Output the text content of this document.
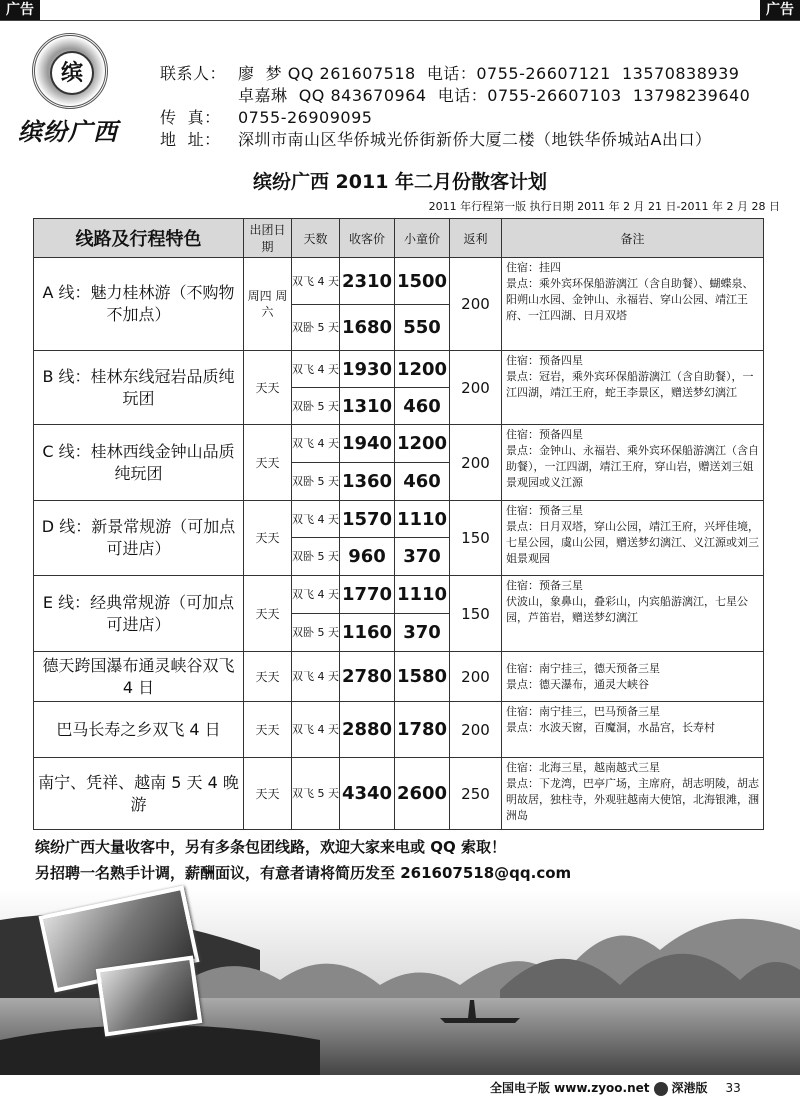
广告	广告
缤
缤纷广西
联系人： 廖  梦 QQ 261607518 电话：0755-26607121 13570838939
卓嘉琳 QQ 843670964 电话：0755-26607103 13798239640
传  真： 0755-26909095
地  址： 深圳市南山区华侨城光侨街新侨大厦二楼（地铁华侨城站A出口）
缤纷广西 2011 年二月份散客计划
2011 年行程第一版 执行日期 2011 年 2 月 21 日-2011 年 2 月 28 日
线路及行程特色	出团日期	天数	收客价	小童价	返利	备注
A 线：魅力桂林游（不购物不加点）	周四 周六	双飞 4 天	2310	1500	200	住宿：挂四
景点：乘外宾环保船游漓江（含自助餐）、蝴蝶泉、阳朔山水园、金钟山、永福岩、穿山公园、靖江王府、一江四湖、日月双塔
		双卧 5 天	1680	550		
B 线：桂林东线冠岩品质纯玩团	天天	双飞 4 天	1930	1200	200	住宿：预备四星
景点：冠岩，乘外宾环保船游漓江（含自助餐），一江四湖，靖江王府，蛇王李景区，赠送梦幻漓江
		双卧 5 天	1310	460		
C 线：桂林西线金钟山品质纯玩团	天天	双飞 4 天	1940	1200	200	住宿：预备四星
景点：金钟山、永福岩、乘外宾环保船游漓江（含自助餐），一江四湖，靖江王府，穿山岩，赠送刘三姐景观园或义江源
		双卧 5 天	1360	460		
D 线：新景常规游（可加点可进店）	天天	双飞 4 天	1570	1110	150	住宿：预备三星
景点：日月双塔，穿山公园，靖江王府，兴坪佳境，七星公园，虞山公园，赠送梦幻漓江、义江源或刘三姐景观园
		双卧 5 天	960	370		
E 线：经典常规游（可加点可进店）	天天	双飞 4 天	1770	1110	150	住宿：预备三星
伏波山，象鼻山，叠彩山，内宾船游漓江，七星公园，芦笛岩，赠送梦幻漓江
		双卧 5 天	1160	370		
德天跨国瀑布通灵峡谷双飞 4 日	天天	双飞 4 天	2780	1580	200	住宿：南宁挂三，德天预备三星
景点：德天瀑布，通灵大峡谷
巴马长寿之乡双飞 4 日	天天	双飞 4 天	2880	1780	200	住宿：南宁挂三，巴马预备三星
景点：水波天窗，百魔洞，水晶宫，长寿村
南宁、凭祥、越南 5 天 4 晚游	天天	双飞 5 天	4340	2600	250	住宿：北海三星，越南越式三星
景点：下龙湾，巴亭广场，主席府，胡志明陵，胡志明故居，独柱寺，外观驻越南大使馆，北海银滩，涠洲岛
缤纷广西大量收客中，另有多条包团线路，欢迎大家来电或 QQ 索取！
另招聘一名熟手计调，薪酬面议，有意者请将简历发至 261607518@qq.com
全国电子版 www.zyoo.net 深港版 33
